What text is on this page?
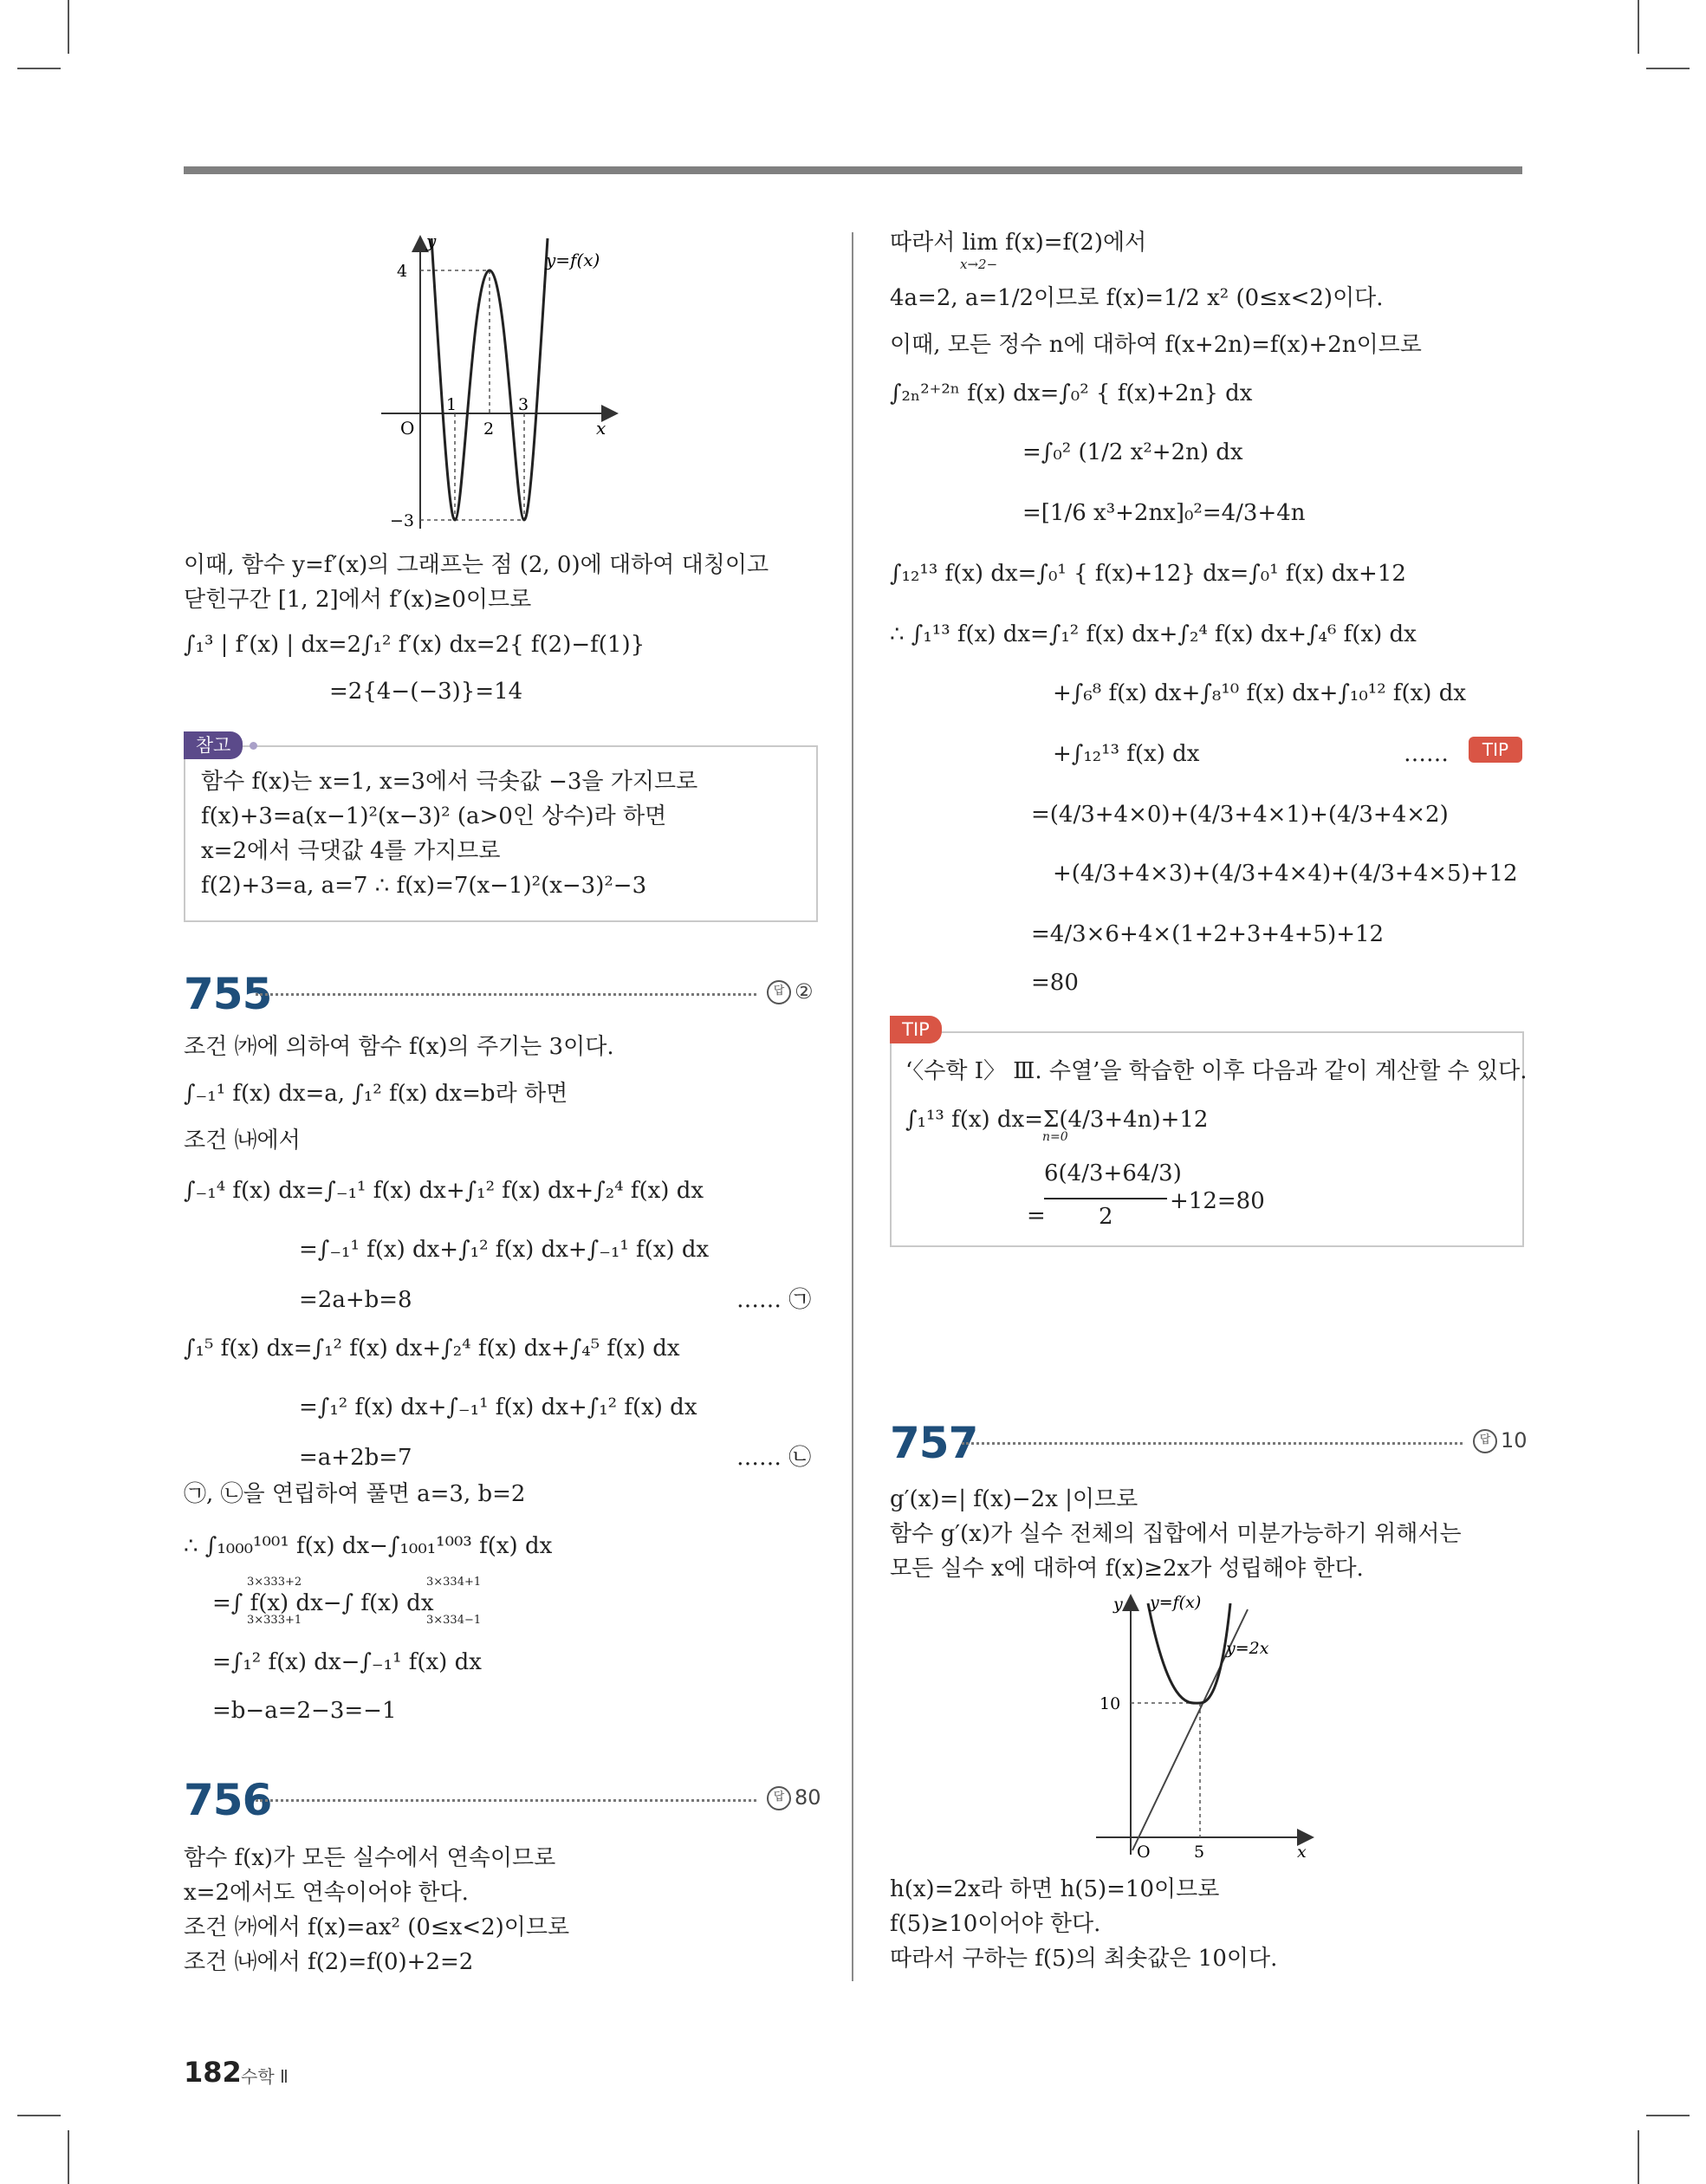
y
x
O
4
−3
1
2
3
y=f(x)
이때, 함수 y=f′(x)의 그래프는 점 (2, 0)에 대하여 대칭이고
닫힌구간 [1, 2]에서 f′(x)≥0이므로
∫₁³ | f′(x) | dx=2∫₁² f′(x) dx=2{ f(2)−f(1)}
=2{4−(−3)}=14
참고
함수 f(x)는 x=1, x=3에서 극솟값 −3을 가지므로
f(x)+3=a(x−1)²(x−3)² (a>0인 상수)라 하면
x=2에서 극댓값 4를 가지므로
f(2)+3=a, a=7 ∴ f(x)=7(x−1)²(x−3)²−3
755	답 ②
조건 ㈎에 의하여 함수 f(x)의 주기는 3이다.
∫₋₁¹ f(x) dx=a, ∫₁² f(x) dx=b라 하면
조건 ㈏에서
∫₋₁⁴ f(x) dx=∫₋₁¹ f(x) dx+∫₁² f(x) dx+∫₂⁴ f(x) dx
=∫₋₁¹ f(x) dx+∫₁² f(x) dx+∫₋₁¹ f(x) dx
=2a+b=8	…… ㉠
∫₁⁵ f(x) dx=∫₁² f(x) dx+∫₂⁴ f(x) dx+∫₄⁵ f(x) dx
=∫₁² f(x) dx+∫₋₁¹ f(x) dx+∫₁² f(x) dx
=a+2b=7	…… ㉡
㉠, ㉡을 연립하여 풀면 a=3, b=2
∴ ∫₁₀₀₀¹⁰⁰¹ f(x) dx−∫₁₀₀₁¹⁰⁰³ f(x) dx
=∫ f(x) dx−∫ f(x) dx
3×333+2
3×333+1
3×334+1
3×334−1
=∫₁² f(x) dx−∫₋₁¹ f(x) dx
=b−a=2−3=−1
756	답 80
함수 f(x)가 모든 실수에서 연속이므로
x=2에서도 연속이어야 한다.
조건 ㈎에서 f(x)=ax² (0≤x<2)이므로
조건 ㈏에서 f(2)=f(0)+2=2
따라서 lim f(x)=f(2)에서
x→2−
4a=2, a=1/2이므로 f(x)=1/2 x² (0≤x<2)이다.
이때, 모든 정수 n에 대하여 f(x+2n)=f(x)+2n이므로
∫₂ₙ²⁺²ⁿ f(x) dx=∫₀² { f(x)+2n} dx
=∫₀² (1/2 x²+2n) dx
=[1/6 x³+2nx]₀²=4/3+4n
∫₁₂¹³ f(x) dx=∫₀¹ { f(x)+12} dx=∫₀¹ f(x) dx+12
∴ ∫₁¹³ f(x) dx=∫₁² f(x) dx+∫₂⁴ f(x) dx+∫₄⁶ f(x) dx
+∫₆⁸ f(x) dx+∫₈¹⁰ f(x) dx+∫₁₀¹² f(x) dx
+∫₁₂¹³ f(x) dx	……	TIP
=(4/3+4×0)+(4/3+4×1)+(4/3+4×2)
+(4/3+4×3)+(4/3+4×4)+(4/3+4×5)+12
=4/3×6+4×(1+2+3+4+5)+12
=80
TIP
‘〈수학 Ⅰ〉 Ⅲ. 수열’을 학습한 이후 다음과 같이 계산할 수 있다.
∫₁¹³ f(x) dx=Σ(4/3+4n)+12
n=0
6(4/3+64/3)
= 2
+12=80
757	답 10
g′(x)=| f(x)−2x |이므로
함수 g′(x)가 실수 전체의 집합에서 미분가능하기 위해서는
모든 실수 x에 대하여 f(x)≥2x가 성립해야 한다.
y
x
O
10
5
y=f(x)
y=2x
h(x)=2x라 하면 h(5)=10이므로
f(5)≥10이어야 한다.
따라서 구하는 f(5)의 최솟값은 10이다.
182 수학 Ⅱ
